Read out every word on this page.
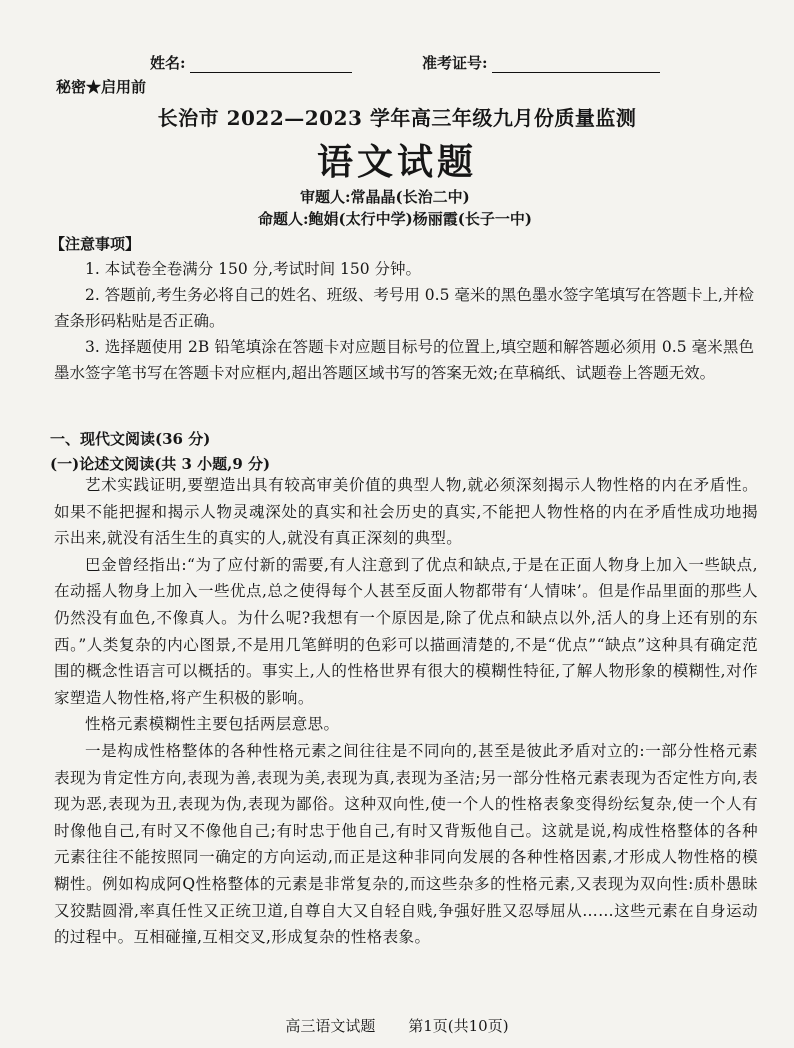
姓名:	准考证号:
秘密★启用前
长治市 2022—2023 学年高三年级九月份质量监测
语文试题
审题人:常晶晶(长治二中)
命题人:鲍娟(太行中学)杨丽霞(长子一中)
【注意事项】

1. 本试卷全卷满分 150 分,考试时间 150 分钟。

2. 答题前,考生务必将自己的姓名、班级、考号用 0.5 毫米的黑色墨水签字笔填写在答题卡上,并检查条形码粘贴是否正确。

3. 选择题使用 2B 铅笔填涂在答题卡对应题目标号的位置上,填空题和解答题必须用 0.5 毫米黑色墨水签字笔书写在答题卡对应框内,超出答题区域书写的答案无效;在草稿纸、试题卷上答题无效。

一、现代文阅读(36 分)
(一)论述文阅读(共 3 小题,9 分)

艺术实践证明,要塑造出具有较高审美价值的典型人物,就必须深刻揭示人物性格的内在矛盾性。如果不能把握和揭示人物灵魂深处的真实和社会历史的真实,不能把人物性格的内在矛盾性成功地揭示出来,就没有活生生的真实的人,就没有真正深刻的典型。

巴金曾经指出:“为了应付新的需要,有人注意到了优点和缺点,于是在正面人物身上加入一些缺点,在动摇人物身上加入一些优点,总之使得每个人甚至反面人物都带有‘人情味’。但是作品里面的那些人仍然没有血色,不像真人。为什么呢?我想有一个原因是,除了优点和缺点以外,活人的身上还有别的东西。”人类复杂的内心图景,不是用几笔鲜明的色彩可以描画清楚的,不是“优点”“缺点”这种具有确定范围的概念性语言可以概括的。事实上,人的性格世界有很大的模糊性特征,了解人物形象的模糊性,对作家塑造人物性格,将产生积极的影响。

性格元素模糊性主要包括两层意思。

一是构成性格整体的各种性格元素之间往往是不同向的,甚至是彼此矛盾对立的:一部分性格元素表现为肯定性方向,表现为善,表现为美,表现为真,表现为圣洁;另一部分性格元素表现为否定性方向,表现为恶,表现为丑,表现为伪,表现为鄙俗。这种双向性,使一个人的性格表象变得纷纭复杂,使一个人有时像他自己,有时又不像他自己;有时忠于他自己,有时又背叛他自己。这就是说,构成性格整体的各种元素往往不能按照同一确定的方向运动,而正是这种非同向发展的各种性格因素,才形成人物性格的模糊性。例如构成阿Q性格整体的元素是非常复杂的,而这些杂多的性格元素,又表现为双向性:质朴愚昧又狡黠圆滑,率真任性又正统卫道,自尊自大又自轻自贱,争强好胜又忍辱屈从……这些元素在自身运动的过程中。互相碰撞,互相交叉,形成复杂的性格表象。

高三语文试题 第1页(共10页)
